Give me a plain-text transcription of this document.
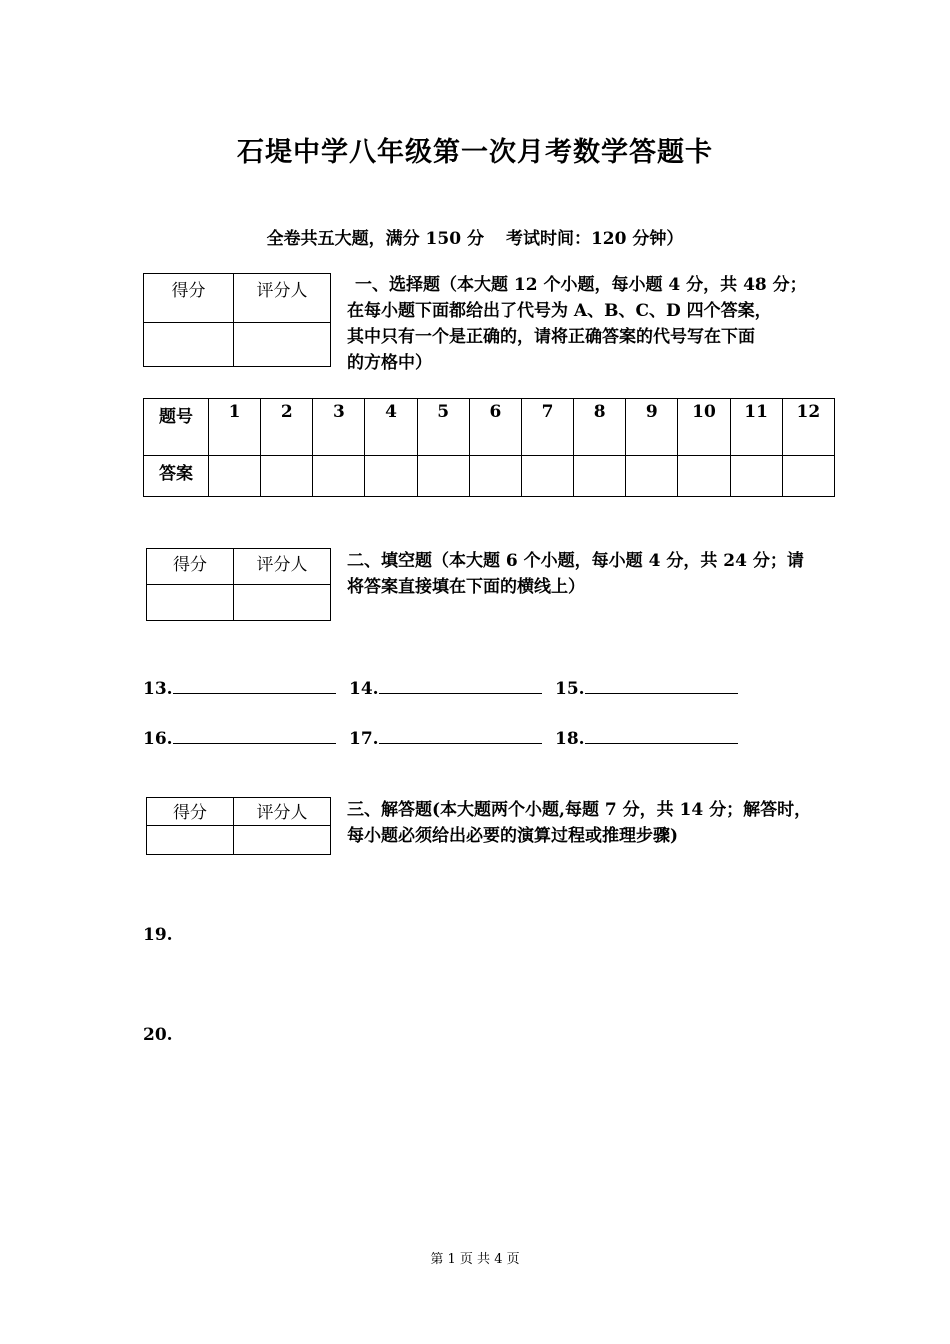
石堤中学八年级第一次月考数学答题卡
全卷共五大题，满分 150 分 考试时间：120 分钟）
得分	评分人
		一、选择题（本大题 12 个小题，每小题 4 分，共 48 分；
在每小题下面都给出了代号为 A、B、C、D 四个答案，
其中只有一个是正确的，请将正确答案的代号写在下面
的方格中）
题号	1	2	3	4	5	6	7	8	9	10	11	12
答案												
得分	评分人
	二、填空题（本大题 6 个小题，每小题 4 分，共 24 分；请
将答案直接填在下面的横线上）
13.	14.	15.
16.	17.	18.
得分	评分人
	三、解答题(本大题两个小题,每题 7 分，共 14 分；解答时，
每小题必须给出必要的演算过程或推理步骤)
19.
20.
第 1 页 共 4 页
